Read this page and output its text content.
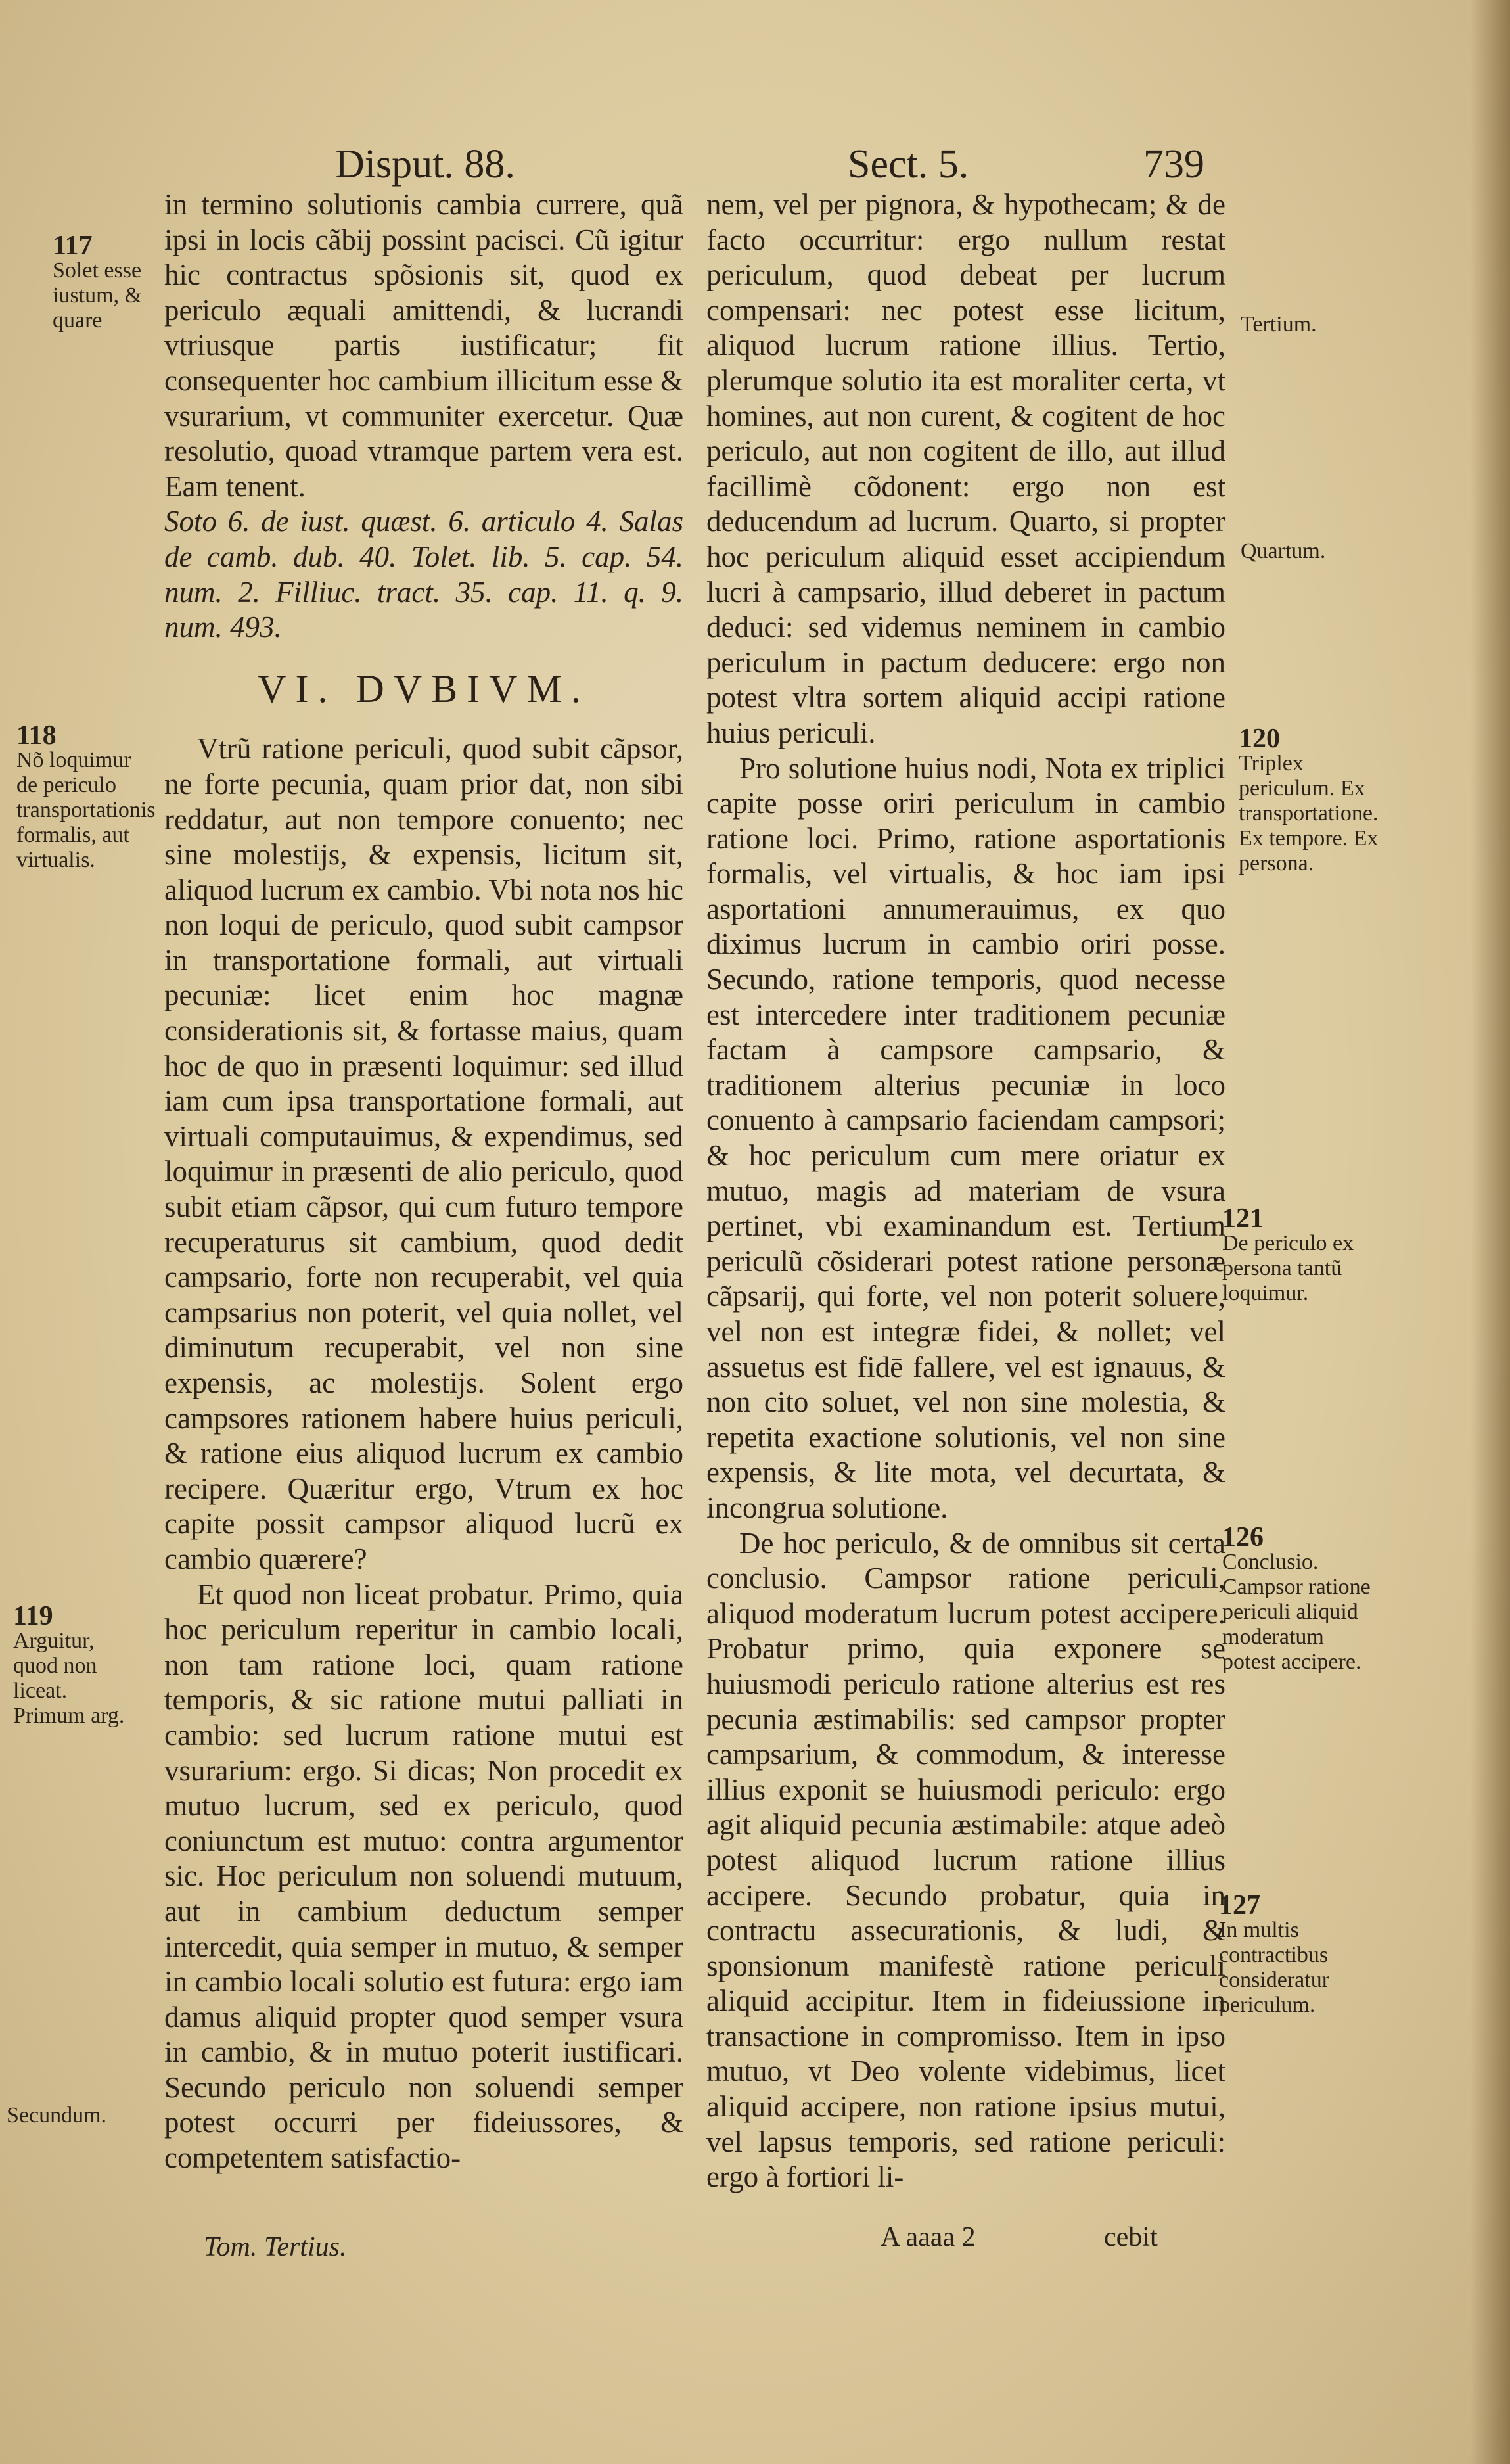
Disput. 88.	Sect. 5.	739
117
Solet esse iustum, & quare
118
Nõ loquimur de periculo transportationis formalis, aut virtualis.
119
Arguitur, quod non liceat. Primum arg.
Secundum.

in termino solutionis cambia currere, quã ipsi in locis cãbij possint pacisci. Cũ igitur hic contractus spõsionis sit, quod ex periculo æquali amittendi, & lucrandi vtriusque partis iustificatur; fit consequenter hoc cambium illicitum esse & vsurarium, vt communiter exercetur. Quæ resolutio, quoad vtramque partem vera est. Eam tenent.

Soto 6. de iust. quæst. 6. articulo 4. Salas de camb. dub. 40. Tolet. lib. 5. cap. 54. num. 2. Filliuc. tract. 35. cap. 11. q. 9. num. 493.

VI. DVBIVM.

Vtrũ ratione periculi, quod subit cãpsor, ne forte pecunia, quam prior dat, non sibi reddatur, aut non tempore conuento; nec sine molestijs, & expensis, licitum sit, aliquod lucrum ex cambio. Vbi nota nos hic non loqui de periculo, quod subit campsor in transportatione formali, aut virtuali pecuniæ: licet enim hoc magnæ considerationis sit, & fortasse maius, quam hoc de quo in præsenti loquimur: sed illud iam cum ipsa transportatione formali, aut virtuali computauimus, & expendimus, sed loquimur in præsenti de alio periculo, quod subit etiam cãpsor, qui cum futuro tempore recuperaturus sit cambium, quod dedit campsario, forte non recuperabit, vel quia campsarius non poterit, vel quia nollet, vel diminutum recuperabit, vel non sine expensis, ac molestijs. Solent ergo campsores rationem habere huius periculi, & ratione eius aliquod lucrum ex cambio recipere. Quæritur ergo, Vtrum ex hoc capite possit campsor aliquod lucrũ ex cambio quærere?

Et quod non liceat probatur. Primo, quia hoc periculum reperitur in cambio locali, non tam ratione loci, quam ratione temporis, & sic ratione mutui palliati in cambio: sed lucrum ratione mutui est vsurarium: ergo. Si dicas; Non procedit ex mutuo lucrum, sed ex periculo, quod coniunctum est mutuo: contra argumentor sic. Hoc periculum non soluendi mutuum, aut in cambium deductum semper intercedit, quia semper in mutuo, & semper in cambio locali solutio est futura: ergo iam damus aliquid propter quod semper vsura in cambio, & in mutuo poterit iustificari. Secundo periculo non soluendi semper potest occurri per fideiussores, & competentem satisfactio-

Tom. Tertius.

nem, vel per pignora, & hypothecam; & de facto occurritur: ergo nullum restat periculum, quod debeat per lucrum compensari: nec potest esse licitum, aliquod lucrum ratione illius. Tertio, plerumque solutio ita est moraliter certa, vt homines, aut non curent, & cogitent de hoc periculo, aut non cogitent de illo, aut illud facillimè cõdonent: ergo non est deducendum ad lucrum. Quarto, si propter hoc periculum aliquid esset accipiendum lucri à campsario, illud deberet in pactum deduci: sed videmus neminem in cambio periculum in pactum deducere: ergo non potest vltra sortem aliquid accipi ratione huius periculi.

Pro solutione huius nodi, Nota ex triplici capite posse oriri periculum in cambio ratione loci. Primo, ratione asportationis formalis, vel virtualis, & hoc iam ipsi asportationi annumerauimus, ex quo diximus lucrum in cambio oriri posse. Secundo, ratione temporis, quod necesse est intercedere inter traditionem pecuniæ factam à campsore campsario, & traditionem alterius pecuniæ in loco conuento à campsario faciendam campsori; & hoc periculum cum mere oriatur ex mutuo, magis ad materiam de vsura pertinet, vbi examinandum est. Tertium periculũ cõsiderari potest ratione personæ cãpsarij, qui forte, vel non poterit soluere, vel non est integræ fidei, & nollet; vel assuetus est fidē fallere, vel est ignauus, & non cito soluet, vel non sine molestia, & repetita exactione solutionis, vel non sine expensis, & lite mota, vel decurtata, & incongrua solutione.

De hoc periculo, & de omnibus sit certa conclusio. Campsor ratione periculi, aliquod moderatum lucrum potest accipere. Probatur primo, quia exponere se huiusmodi periculo ratione alterius est res pecunia æstimabilis: sed campsor propter campsarium, & commodum, & interesse illius exponit se huiusmodi periculo: ergo agit aliquid pecunia æstimabile: atque adeò potest aliquod lucrum ratione illius accipere. Secundo probatur, quia in contractu assecurationis, & ludi, & sponsionum manifestè ratione periculi aliquid accipitur. Item in fideiussione in transactione in compromisso. Item in ipso mutuo, vt Deo volente videbimus, licet aliquid accipere, non ratione ipsius mutui, vel lapsus temporis, sed ratione periculi: ergo à fortiori li-

A aaaa 2	cebit
Tertium.
Quartum.
120
Triplex periculum. Ex transportatione. Ex tempore. Ex persona.
121
De periculo ex persona tantũ loquimur.
126
Conclusio. Campsor ratione periculi aliquid moderatum potest accipere.
127
In multis contractibus consideratur periculum.
